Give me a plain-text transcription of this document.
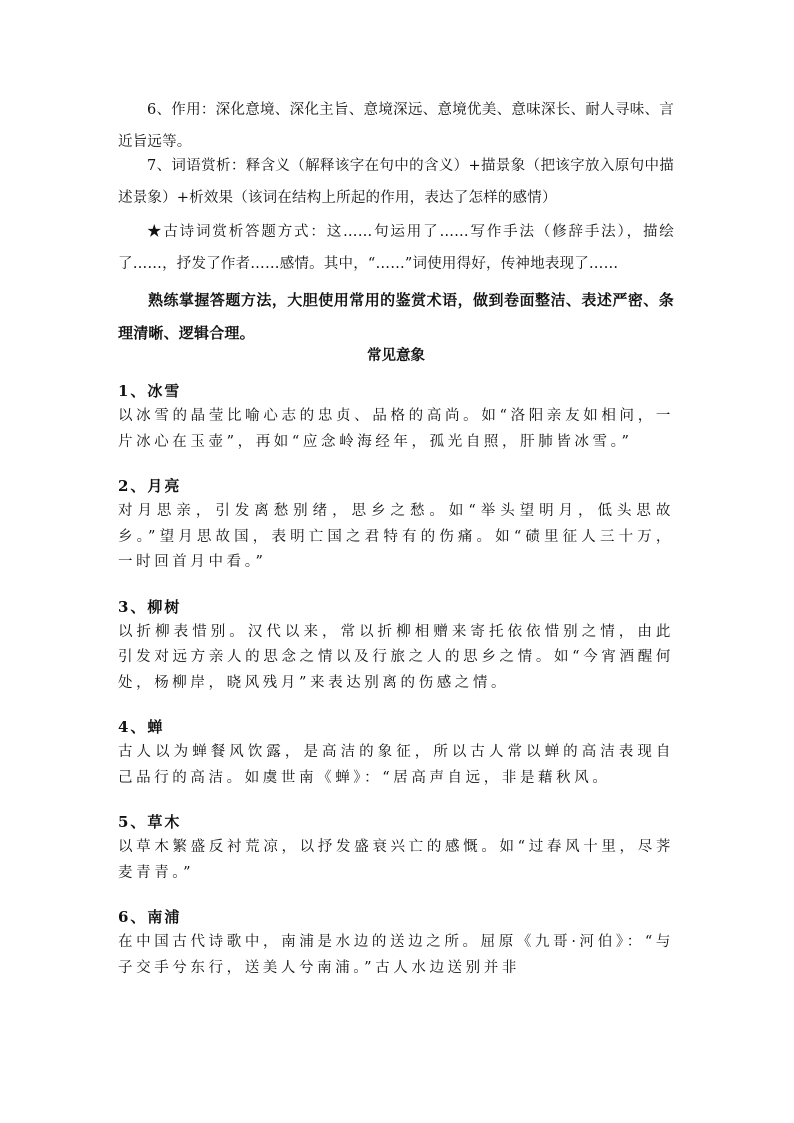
6、作用：深化意境、深化主旨、意境深远、意境优美、意味深长、耐人寻味、言近旨远等。

7、词语赏析：释含义（解释该字在句中的含义）+描景象（把该字放入原句中描述景象）+析效果（该词在结构上所起的作用，表达了怎样的感情）

★古诗词赏析答题方式：这……句运用了……写作手法（修辞手法），描绘了……，抒发了作者……感情。其中，“……”词使用得好，传神地表现了……

熟练掌握答题方法，大胆使用常用的鉴赏术语，做到卷面整洁、表述严密、条理清晰、逻辑合理。

常见意象

1、冰雪

以冰雪的晶莹比喻心志的忠贞、品格的高尚。如“洛阳亲友如相问，一片冰心在玉壶”，再如“应念岭海经年，孤光自照，肝肺皆冰雪。”

2、月亮

对月思亲，引发离愁别绪，思乡之愁。如“举头望明月，低头思故乡。”望月思故国，表明亡国之君特有的伤痛。如“碛里征人三十万，一时回首月中看。”

3、柳树

以折柳表惜别。汉代以来，常以折柳相赠来寄托依依惜别之情，由此引发对远方亲人的思念之情以及行旅之人的思乡之情。如“今宵酒醒何处，杨柳岸，晓风残月”来表达别离的伤感之情。

4、蝉

古人以为蝉餐风饮露，是高洁的象征，所以古人常以蝉的高洁表现自己品行的高洁。如虞世南《蝉》：“居高声自远，非是藉秋风。

5、草木

以草木繁盛反衬荒凉，以抒发盛衰兴亡的感慨。如“过春风十里，尽荠麦青青。”

6、南浦

在中国古代诗歌中，南浦是水边的送边之所。屈原《九哥·河伯》：“与子交手兮东行，送美人兮南浦。”古人水边送别并非
